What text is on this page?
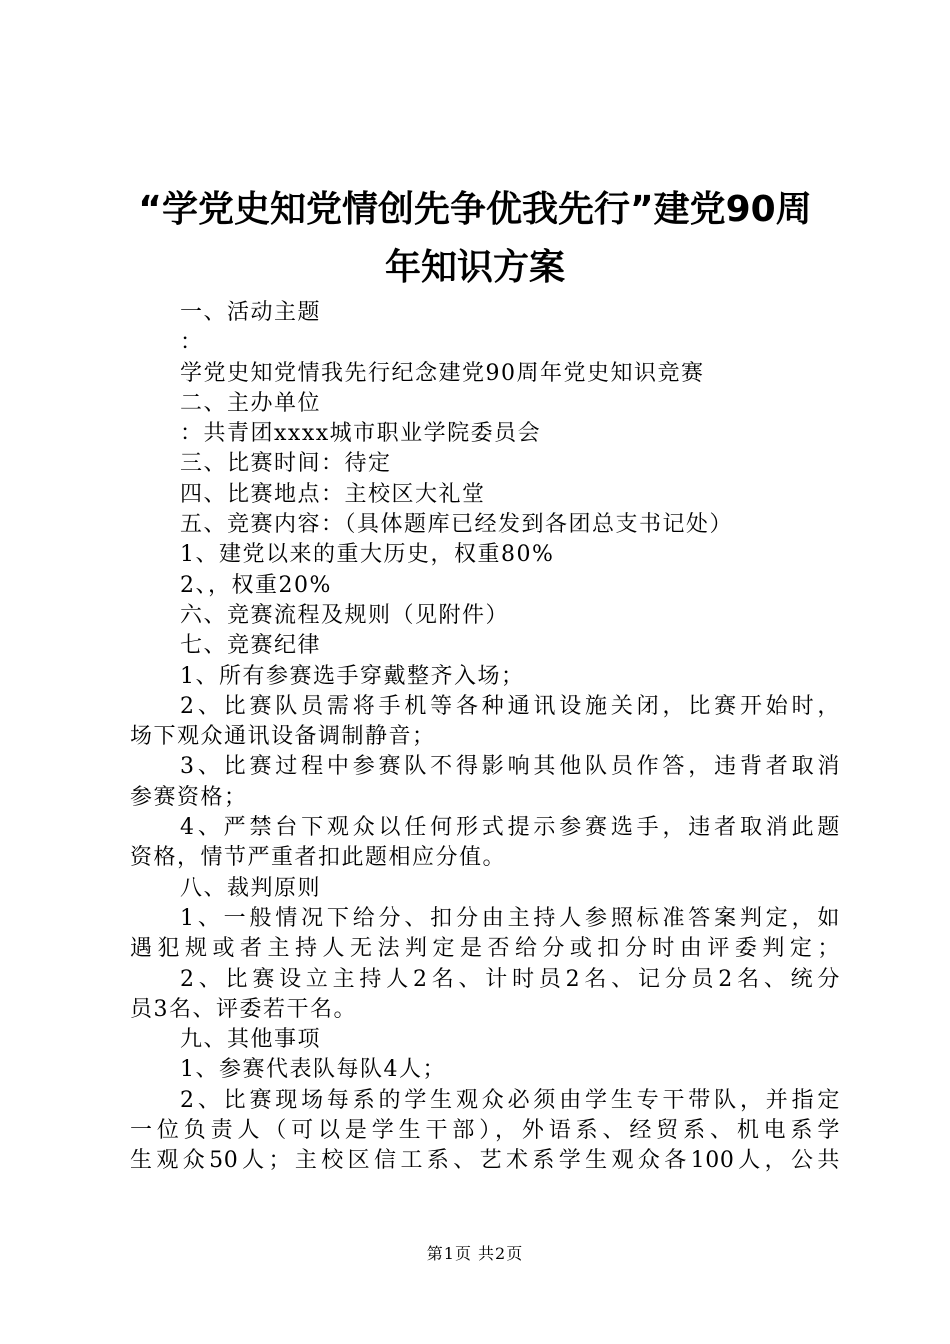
“学党史知党情创先争优我先行”建党90周
年知识方案
一、活动主题
：
学党史知党情我先行纪念建党90周年党史知识竞赛
二、主办单位
：共青团xxxx城市职业学院委员会
三、比赛时间：待定
四、比赛地点：主校区大礼堂
五、竞赛内容：（具体题库已经发到各团总支书记处）
1、建党以来的重大历史，权重80%
2、，权重20%
六、竞赛流程及规则（见附件）
七、竞赛纪律
1、所有参赛选手穿戴整齐入场；
2、比赛队员需将手机等各种通讯设施关闭，比赛开始时，
场下观众通讯设备调制静音；
3、比赛过程中参赛队不得影响其他队员作答，违背者取消
参赛资格；
4、严禁台下观众以任何形式提示参赛选手，违者取消此题
资格，情节严重者扣此题相应分值。
八、裁判原则
1、一般情况下给分、扣分由主持人参照标准答案判定，如
遇犯规或者主持人无法判定是否给分或扣分时由评委判定；
2、比赛设立主持人2名、计时员2名、记分员2名、统分
员3名、评委若干名。
九、其他事项
1、参赛代表队每队4人；
2、比赛现场每系的学生观众必须由学生专干带队，并指定
一位负责人（可以是学生干部），外语系、经贸系、机电系学
生观众50人；主校区信工系、艺术系学生观众各100人，公共
第1页 共2页
